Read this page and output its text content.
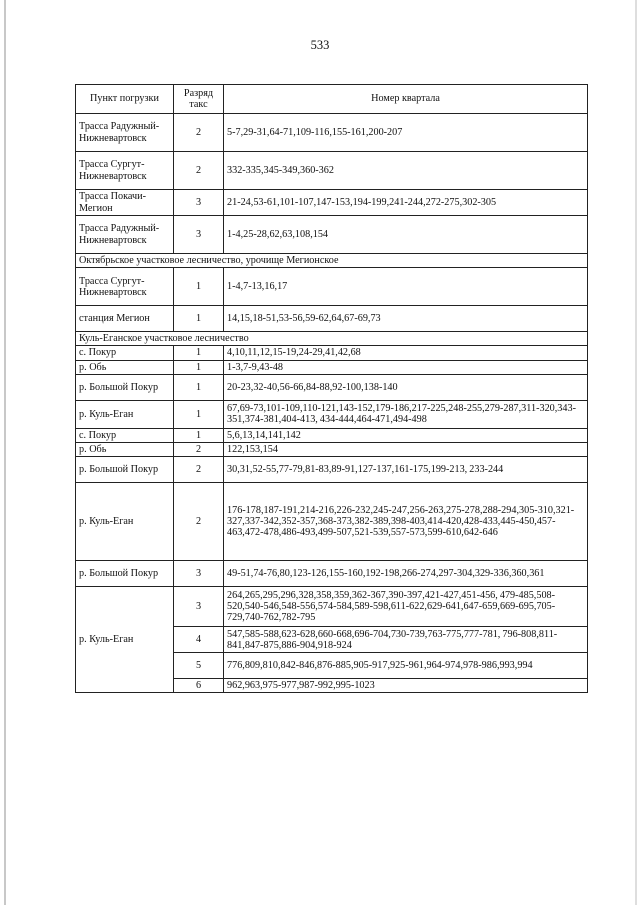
533
Пункт погрузки	Разряд такс	Номер квартала
Трасса Радужный-Нижневартовск	2	5-7,29-31,64-71,109-116,155-161,200-207
Трасса Сургут-Нижневартовск	2	332-335,345-349,360-362
Трасса Покачи- Мегион	3	21-24,53-61,101-107,147-153,194-199,241-244,272-275,302-305
Трасса Радужный-Нижневартовск	3	1-4,25-28,62,63,108,154
Октябрьское участковое лесничество, урочище Мегионское		
Трасса Сургут-Нижневартовск	1	1-4,7-13,16,17
станция Мегион	1	14,15,18-51,53-56,59-62,64,67-69,73
Куль-Еганское участковое лесничество		
с. Покур	1	4,10,11,12,15-19,24-29,41,42,68
р. Обь	1	1-3,7-9,43-48
р. Большой Покур	1	20-23,32-40,56-66,84-88,92-100,138-140
р. Куль-Еган	1	67,69-73,101-109,110-121,143-152,179-186,217-225,248-255,279-287,311-320,343-351,374-381,404-413, 434-444,464-471,494-498
с. Покур	1	5,6,13,14,141,142
р. Обь	2	122,153,154
р. Большой Покур	2	30,31,52-55,77-79,81-83,89-91,127-137,161-175,199-213, 233-244
р. Куль-Еган	2	176-178,187-191,214-216,226-232,245-247,256-263,275-278,288-294,305-310,321-327,337-342,352-357,368-373,382-389,398-403,414-420,428-433,445-450,457-463,472-478,486-493,499-507,521-539,557-573,599-610,642-646
р. Большой Покур	3	49-51,74-76,80,123-126,155-160,192-198,266-274,297-304,329-336,360,361
р. Куль-Еган	3	264,265,295,296,328,358,359,362-367,390-397,421-427,451-456, 479-485,508-520,540-546,548-556,574-584,589-598,611-622,629-641,647-659,669-695,705-729,740-762,782-795
	4	547,585-588,623-628,660-668,696-704,730-739,763-775,777-781, 796-808,811-841,847-875,886-904,918-924
	5	776,809,810,842-846,876-885,905-917,925-961,964-974,978-986,993,994
	6	962,963,975-977,987-992,995-1023
